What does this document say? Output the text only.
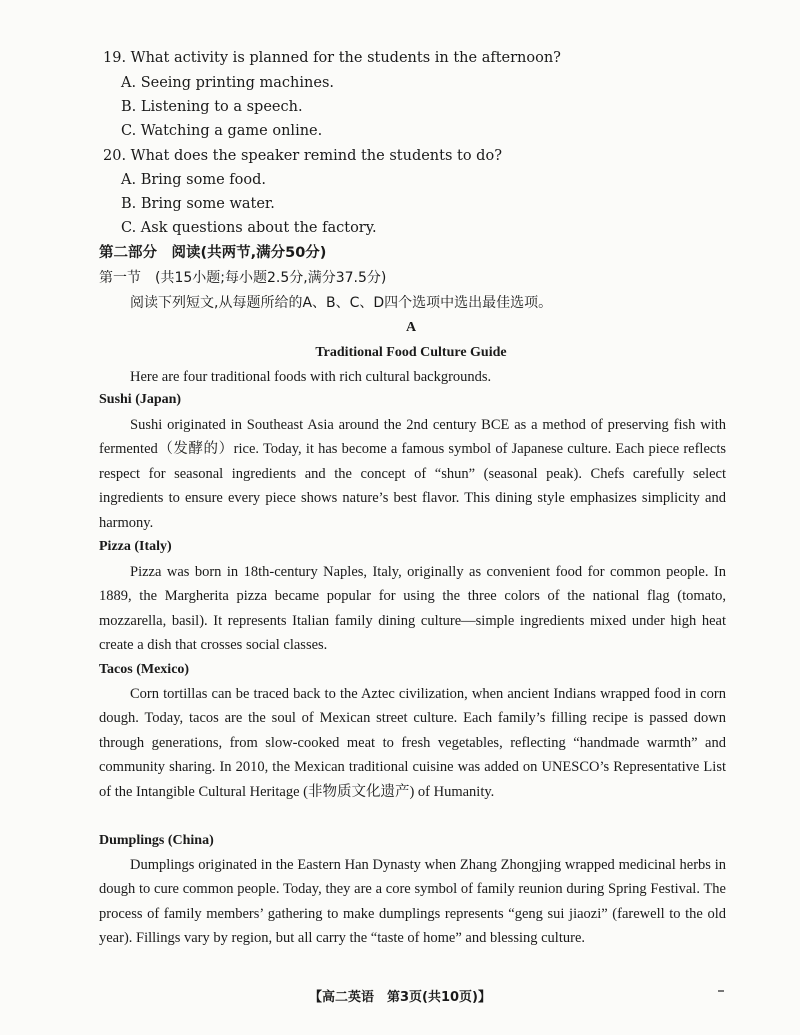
19. What activity is planned for the students in the afternoon?
A. Seeing printing machines.
B. Listening to a speech.
C. Watching a game online.
20. What does the speaker remind the students to do?
A. Bring some food.
B. Bring some water.
C. Ask questions about the factory.
第二部分　阅读(共两节,满分50分)
第一节　(共15小题;每小题2.5分,满分37.5分)
阅读下列短文,从每题所给的A、B、C、D四个选项中选出最佳选项。
A
Traditional Food Culture Guide

Here are four traditional foods with rich cultural backgrounds.

Sushi (Japan)

Sushi originated in Southeast Asia around the 2nd century BCE as a method of preserving fish with fermented（发酵的）rice. Today, it has become a famous symbol of Japanese culture. Each piece reflects respect for seasonal ingredients and the concept of “shun” (seasonal peak). Chefs carefully select ingredients to ensure every piece shows nature’s best flavor. This dining style emphasizes simplicity and harmony.

Pizza (Italy)

Pizza was born in 18th-century Naples, Italy, originally as convenient food for common people. In 1889, the Margherita pizza became popular for using the three colors of the national flag (tomato, mozzarella, basil). It represents Italian family dining culture—simple ingredients mixed under high heat create a dish that crosses social classes.

Tacos (Mexico)

Corn tortillas can be traced back to the Aztec civilization, when ancient Indians wrapped food in corn dough. Today, tacos are the soul of Mexican street culture. Each family’s filling recipe is passed down through generations, from slow-cooked meat to fresh vegetables, reflecting “handmade warmth” and community sharing. In 2010, the Mexican traditional cuisine was added on UNESCO’s Representative List of the Intangible Cultural Heritage (非物质文化遗产) of Humanity.

Dumplings (China)

Dumplings originated in the Eastern Han Dynasty when Zhang Zhongjing wrapped medicinal herbs in dough to cure common people. Today, they are a core symbol of family reunion during Spring Festival. The process of family members’ gathering to make dumplings represents “geng sui jiaozi” (farewell to the old year). Fillings vary by region, but all carry the “taste of home” and blessing culture.

【高二英语　第3页(共10页)】
